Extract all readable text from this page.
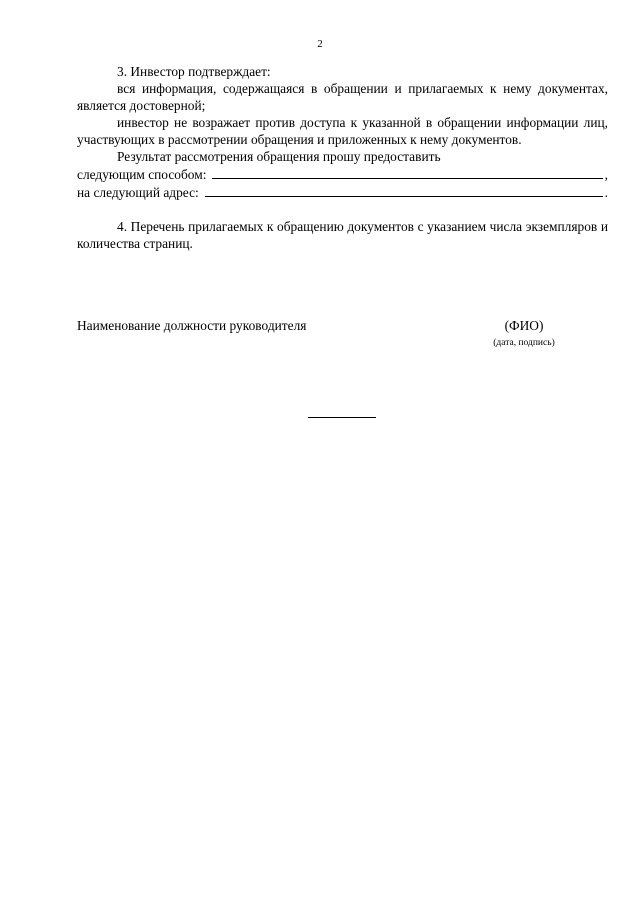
2

3. Инвестор подтверждает:

вся информация, содержащаяся в обращении и прилагаемых к нему документах, является достоверной;

инвестор не возражает против доступа к указанной в обращении информации лиц, участвующих в рассмотрении обращения и приложенных к нему документов.

Результат рассмотрения обращения прошу предоставить

следующим способом:	,
на следующий адрес:	.

4. Перечень прилагаемых к обращению документов с указанием числа экземпляров и количества страниц.

Наименование должности руководителя	(ФИО)
(дата, подпись)
